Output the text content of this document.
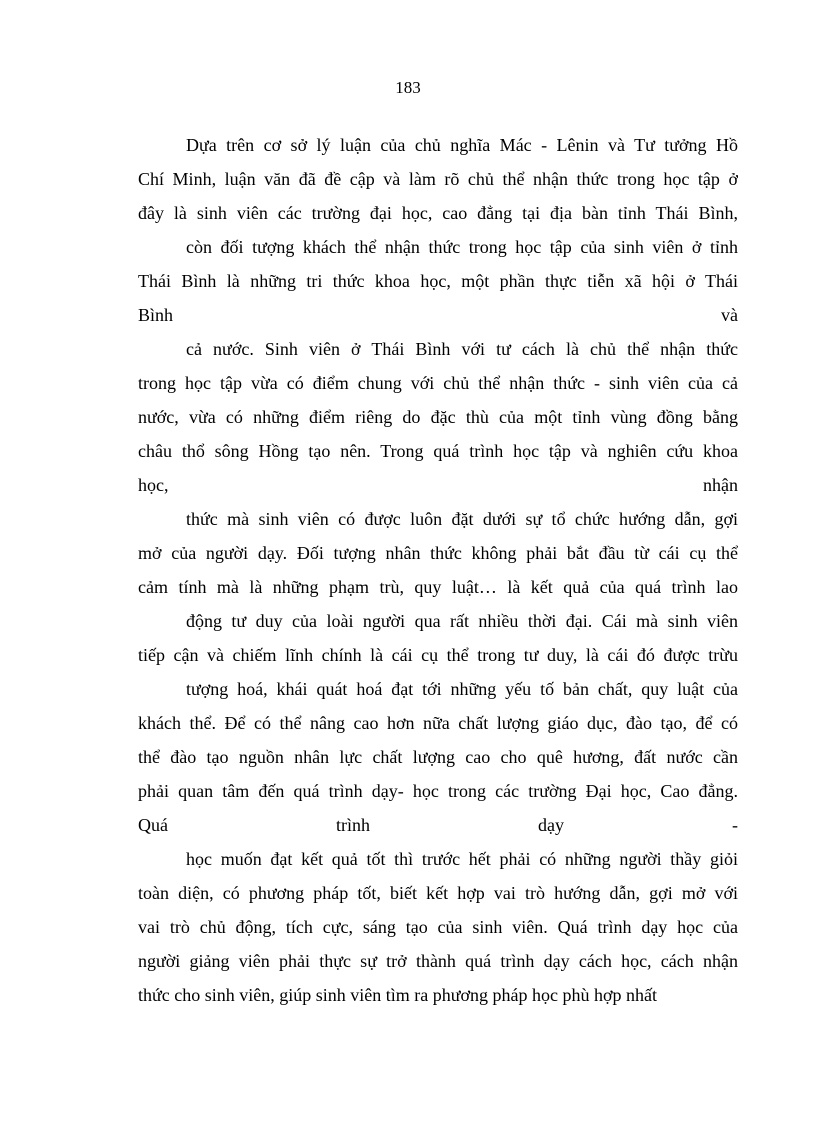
183
Dựa trên cơ sở lý luận của chủ nghĩa Mác - Lênin và Tư tưởng Hồ
Chí Minh, luận văn đã đề cập và làm rõ chủ thể nhận thức trong học tập ở
đây là sinh viên các trường đại học, cao đẳng tại địa bàn tỉnh Thái Bình,
còn đối tượng khách thể nhận thức trong học tập của sinh viên ở tỉnh
Thái Bình là những tri thức khoa học, một phần thực tiễn xã hội ở Thái
Bình và
cả nước. Sinh viên ở Thái Bình với tư cách là chủ thể nhận thức
trong học tập vừa có điểm chung với chủ thể nhận thức - sinh viên của cả
nước, vừa có những điểm riêng do đặc thù của một tỉnh vùng đồng bằng
châu thổ sông Hồng tạo nên. Trong quá trình học tập và nghiên cứu khoa
học, nhận
thức mà sinh viên có được luôn đặt dưới sự tổ chức hướng dẫn, gợi
mở của người dạy. Đối tượng nhân thức không phải bắt đầu từ cái cụ thể
cảm tính mà là những phạm trù, quy luật… là kết quả của quá trình lao
động tư duy của loài người qua rất nhiều thời đại. Cái mà sinh viên
tiếp cận và chiếm lĩnh chính là cái cụ thể trong tư duy, là cái đó được trừu
tượng hoá, khái quát hoá đạt tới những yếu tố bản chất, quy luật của
khách thể. Để có thể nâng cao hơn nữa chất lượng giáo dục, đào tạo, để có
thể đào tạo nguồn nhân lực chất lượng cao cho quê hương, đất nước cần
phải quan tâm đến quá trình dạy- học trong các trường Đại học, Cao đẳng.
Quá trình dạy -
học muốn đạt kết quả tốt thì trước hết phải có những người thầy giỏi
toàn diện, có phương pháp tốt, biết kết hợp vai trò hướng dẫn, gợi mở với
vai trò chủ động, tích cực, sáng tạo của sinh viên. Quá trình dạy học của
người giảng viên phải thực sự trở thành quá trình dạy cách học, cách nhận
thức cho sinh viên, giúp sinh viên tìm ra phương pháp học phù hợp nhất
